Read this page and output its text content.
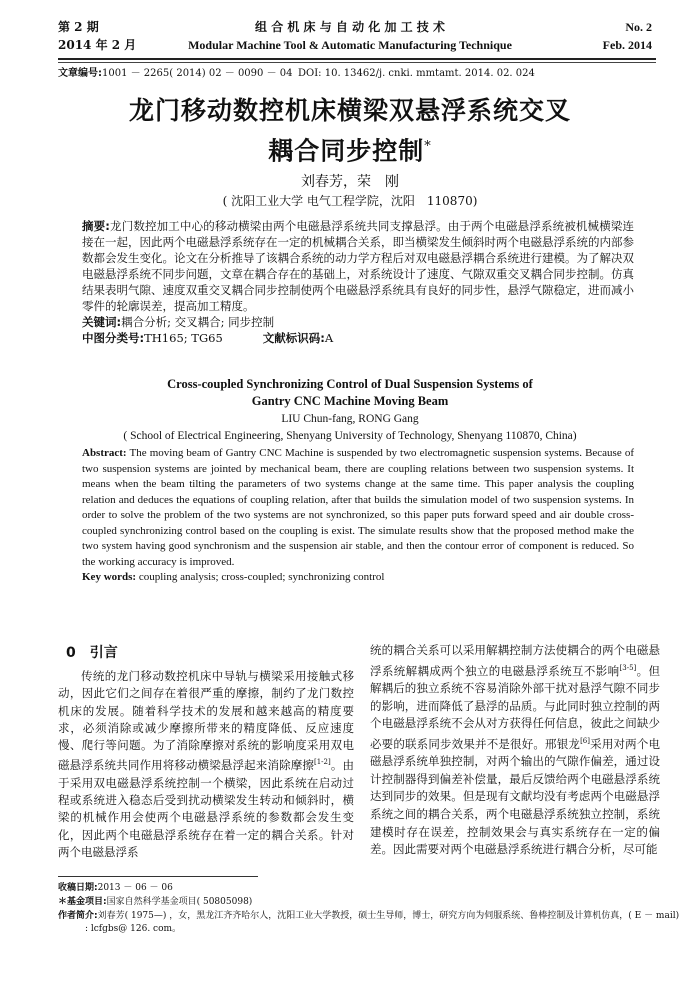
第 2 期
2014 年 2 月
组 合 机 床 与 自 动 化 加 工 技 术
Modular Machine Tool & Automatic Manufacturing Technique
No. 2
Feb. 2014
文章编号:1001 － 2265( 2014) 02 － 0090 － 04 DOI: 10. 13462/j. cnki. mmtamt. 2014. 02. 024
龙门移动数控机床横梁双悬浮系统交叉
耦合同步控制*
刘春芳，荣　刚
( 沈阳工业大学 电气工程学院，沈阳　110870)
摘要:龙门数控加工中心的移动横梁由两个电磁悬浮系统共同支撑悬浮。由于两个电磁悬浮系统被机械横梁连接在一起，因此两个电磁悬浮系统存在一定的机械耦合关系，即当横梁发生倾斜时两个电磁悬浮系统的内部参数都会发生变化。论文在分析推导了该耦合系统的动力学方程后对双电磁悬浮耦合系统进行建模。为了解决双电磁悬浮系统不同步问题，文章在耦合存在的基础上，对系统设计了速度、气隙双重交叉耦合同步控制。仿真结果表明气隙、速度双重交叉耦合同步控制使两个电磁悬浮系统具有良好的同步性，悬浮气隙稳定，进而减小零件的轮廓误差，提高加工精度。
关键词:耦合分析; 交叉耦合; 同步控制
中图分类号:TH165; TG65	文献标识码:A
Cross-coupled Synchronizing Control of Dual Suspension Systems of
Gantry CNC Machine Moving Beam
LIU Chun-fang, RONG Gang
( School of Electrical Engineering, Shenyang University of Technology, Shenyang 110870, China)
Abstract: The moving beam of Gantry CNC Machine is suspended by two electromagnetic suspension systems. Because of two suspension systems are jointed by mechanical beam, there are coupling relations between two suspension systems. It means when the beam tilting the parameters of two systems change at the same time. This paper analysis the coupling relation and deduces the equations of coupling relation, after that builds the simulation model of two suspension systems. In order to solve the problem of the two systems are not synchronized, so this paper puts forward speed and air double cross-coupled synchronizing control based on the coupling is exist. The simulate results show that the proposed method make the two system having good synchronism and the suspension air stable, and then the contour error of component is reduced. So the working accuracy is improved.
Key words: coupling analysis; cross-coupled; synchronizing control
0 引言
传统的龙门移动数控机床中导轨与横梁采用接触式移动，因此它们之间存在着很严重的摩擦，制约了龙门数控机床的发展。随着科学技术的发展和越来越高的精度要求，必须消除或减少摩擦所带来的精度降低、反应速度慢、爬行等问题。为了消除摩擦对系统的影响度采用双电磁悬浮系统共同作用将移动横梁悬浮起来消除摩擦[1-2]。由于采用双电磁悬浮系统控制一个横梁，因此系统在启动过程或系统进入稳态后受到扰动横梁发生转动和倾斜时，横梁的机械作用会使两个电磁悬浮系统的参数都会发生变化，因此两个电磁悬浮系统存在着一定的耦合关系。针对两个电磁悬浮系
统的耦合关系可以采用解耦控制方法使耦合的两个电磁悬浮系统解耦成两个独立的电磁悬浮系统互不影响[3-5]。但解耦后的独立系统不容易消除外部干扰对悬浮气隙不同步的影响，进而降低了悬浮的品质。与此同时独立控制的两个电磁悬浮系统不会从对方获得任何信息，彼此之间缺少必要的联系同步效果并不是很好。邢银龙[6]采用对两个电磁悬浮系统单独控制，对两个输出的气隙作偏差，通过设计控制器得到偏差补偿量，最后反馈给两个电磁悬浮系统达到同步的效果。但是现有文献均没有考虑两个电磁悬浮系统之间的耦合关系，两个电磁悬浮系统独立控制，系统建模时存在误差，控制效果会与真实系统存在一定的偏差。因此需要对两个电磁悬浮系统进行耦合分析，尽可能
收稿日期:2013 － 06 － 06
＊基金项目:国家自然科学基金项目( 50805098)
作者简介:刘春芳( 1975—) ，女，黑龙江齐齐哈尔人，沈阳工业大学教授，硕士生导师，博士，研究方向为伺服系统、鲁棒控制及计算机仿真，( E － mail) : lcfgbs@ 126. com。
